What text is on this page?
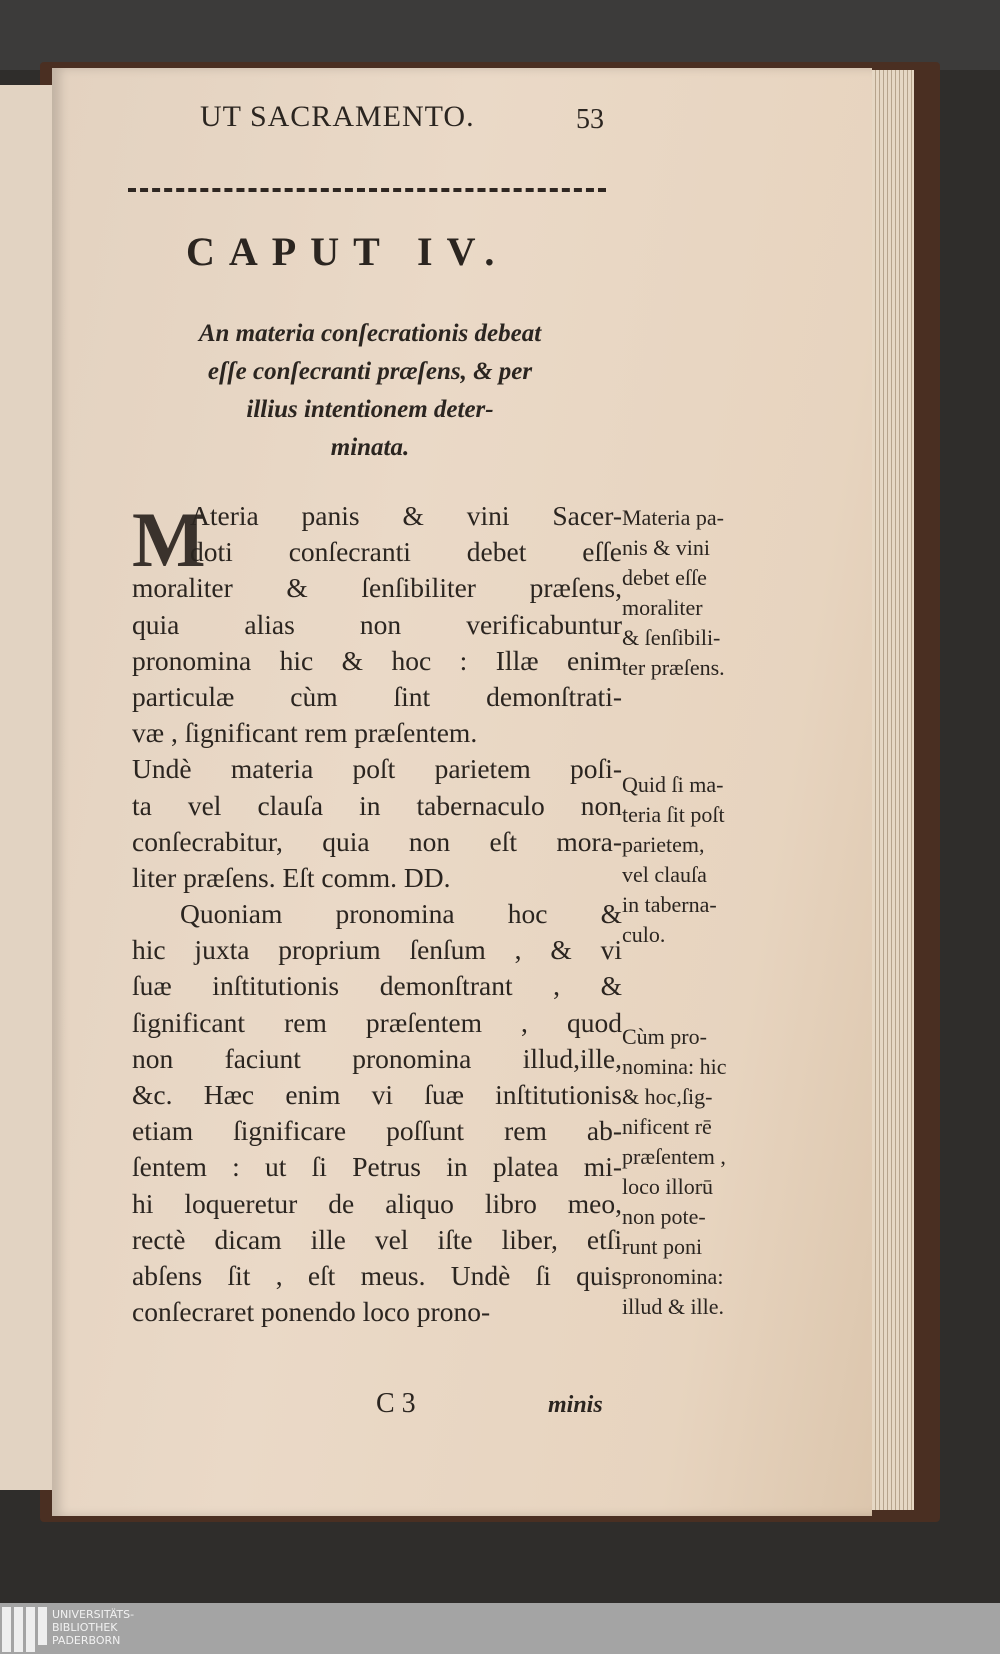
UT SACRAMENTO.	53
CAPUT IV.
An materia conſecrationis debeat
eſſe conſecranti præſens, & per
illius intentionem deter-
minata.
M
Ateria panis & vini Sacer-
doti conſecranti debet eſſe
moraliter & ſenſibiliter præſens,
quia alias non verificabuntur
pronomina hic & hoc : Illæ enim
particulæ cùm ſint demonſtrati-
væ , ſignificant rem præſentem.
Undè materia poſt parietem poſi-
ta vel clauſa in tabernaculo non
conſecrabitur, quia non eſt mora-
liter præſens. Eſt comm. DD.
Quoniam pronomina hoc &
hic juxta proprium ſenſum , & vi
ſuæ inſtitutionis demonſtrant , &
ſignificant rem præſentem , quod
non faciunt pronomina illud,ille,
&c. Hæc enim vi ſuæ inſtitutionis
etiam ſignificare poſſunt rem ab-
ſentem : ut ſi Petrus in platea mi-
hi loqueretur de aliquo libro meo,
rectè dicam ille vel iſte liber, etſi
abſens ſit , eſt meus. Undè ſi quis
conſecraret ponendo loco prono-
Materia pa-
nis & vini
debet eſſe
moraliter
& ſenſibili-
ter præſens.
Quid ſi ma-
teria ſit poſt
parietem,
vel clauſa
in taberna-
culo.
Cùm pro-
nomina: hic
& hoc,ſig-
nificent rē
præſentem ,
loco illorū
non pote-
runt poni
pronomina:
illud & ille.
C 3	minis
UNIVERSITÄTS-
BIBLIOTHEK
PADERBORN
